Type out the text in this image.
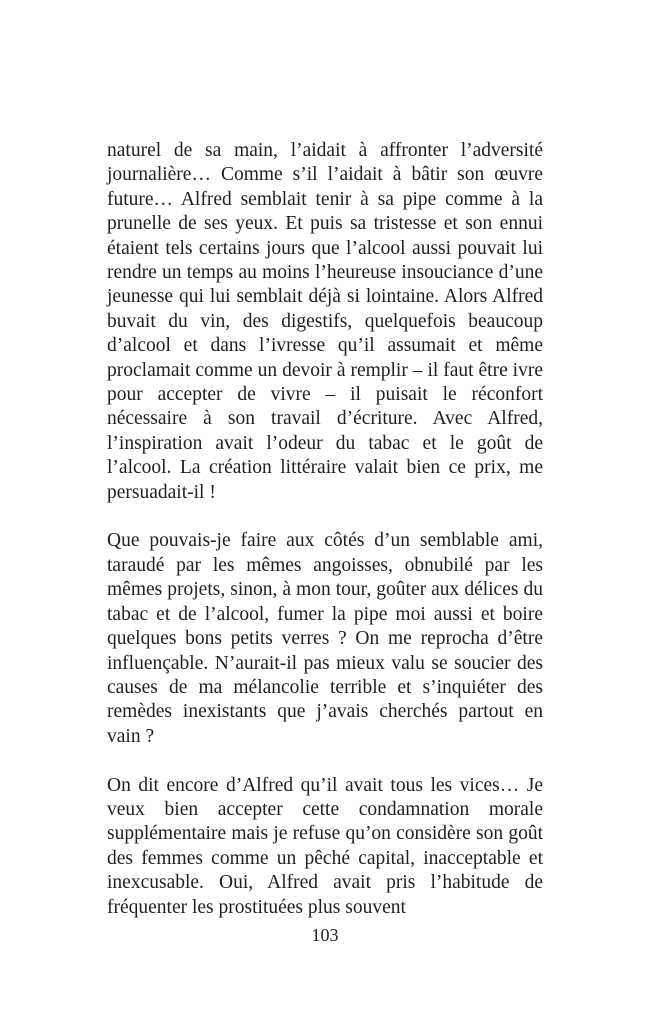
naturel de sa main, l’aidait à affronter l’adversité journalière… Comme s’il l’aidait à bâtir son œuvre future… Alfred semblait tenir à sa pipe comme à la prunelle de ses yeux. Et puis sa tristesse et son ennui étaient tels certains jours que l’alcool aussi pouvait lui rendre un temps au moins l’heureuse insouciance d’une jeunesse qui lui semblait déjà si lointaine. Alors Alfred buvait du vin, des digestifs, quelquefois beaucoup d’alcool et dans l’ivresse qu’il assumait et même proclamait comme un devoir à remplir – il faut être ivre pour accepter de vivre – il puisait le réconfort nécessaire à son travail d’écriture. Avec Alfred, l’inspiration avait l’odeur du tabac et le goût de l’alcool. La création littéraire valait bien ce prix, me persuadait-il !

Que pouvais-je faire aux côtés d’un semblable ami, taraudé par les mêmes angoisses, obnubilé par les mêmes projets, sinon, à mon tour, goûter aux délices du tabac et de l’alcool, fumer la pipe moi aussi et boire quelques bons petits verres ? On me reprocha d’être influençable. N’aurait-il pas mieux valu se soucier des causes de ma mélancolie terrible et s’inquiéter des remèdes inexistants que j’avais cherchés partout en vain ?

On dit encore d’Alfred qu’il avait tous les vices… Je veux bien accepter cette condamnation morale supplémentaire mais je refuse qu’on considère son goût des femmes comme un pêché capital, inacceptable et inexcusable. Oui, Alfred avait pris l’habitude de fréquenter les prostituées plus souvent

103
